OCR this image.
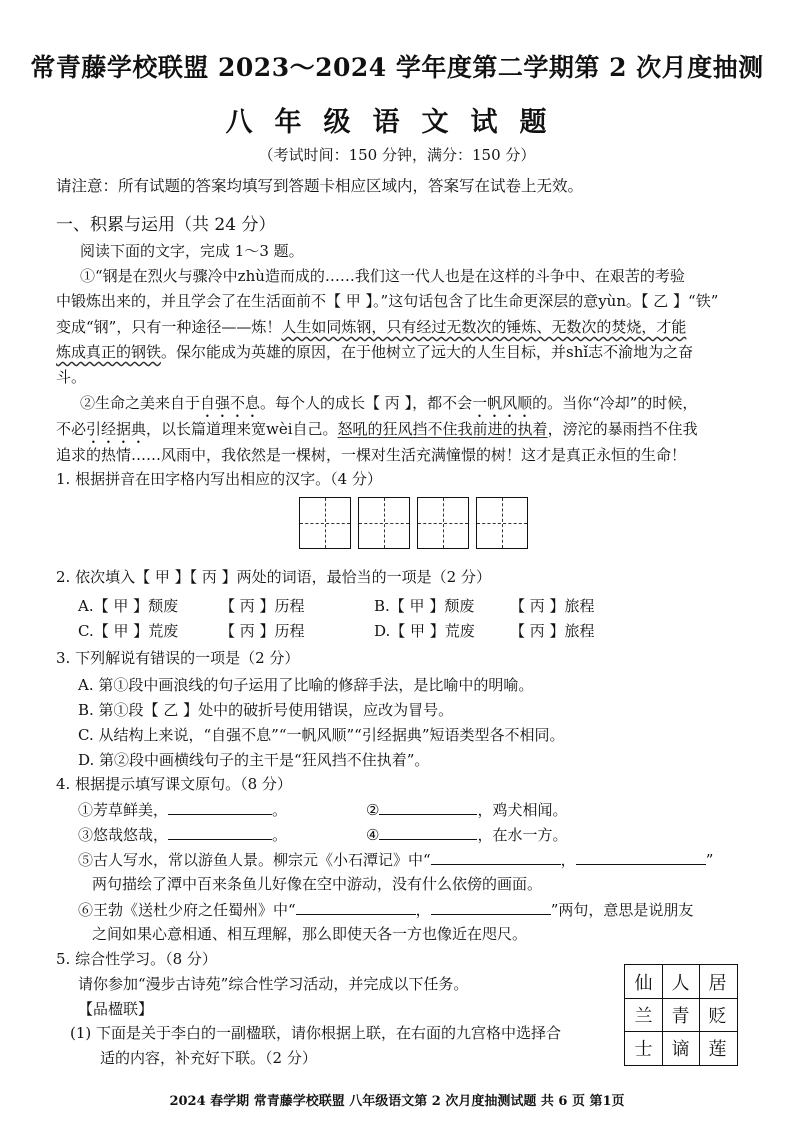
常青藤学校联盟 2023～2024 学年度第二学期第 2 次月度抽测
八年级语文试题
（考试时间：150 分钟，满分：150 分）
请注意：所有试题的答案均填写到答题卡相应区域内，答案写在试卷上无效。
一、积累与运用（共 24 分）
阅读下面的文字，完成 1～3 题。
①“钢是在烈火与骤冷中zhù造而成的……我们这一代人也是在这样的斗争中、在艰苦的考验
中锻炼出来的，并且学会了在生活面前不【 甲 】。”这句话包含了比生命更深层的意yùn。【 乙 】“铁”
变成“钢”，只有一种途径——炼！人生如同炼钢，只有经过无数次的锤炼、无数次的焚烧，才能
炼成真正的钢铁。保尔能成为英雄的原因，在于他树立了远大的人生目标，并shǐ志不渝地为之奋
斗。
②生命之美来自于自强不息。每个人的成长【 丙 】，都不会一帆风顺的。当你“冷却”的时候，
不必引经据典，以长篇道理来宽wèi自己。怒吼的狂风挡不住我前进的执着，滂沱的暴雨挡不住我
追求的热情……风雨中，我依然是一棵树，一棵对生活充满憧憬的树！这才是真正永恒的生命！
1. 根据拼音在田字格内写出相应的汉字。（4 分）
2. 依次填入【 甲 】【 丙 】两处的词语，最恰当的一项是（2 分）
A.【 甲 】颓废	【 丙 】历程	B.【 甲 】颓废 【 丙 】旅程
C.【 甲 】荒废	【 丙 】历程	D.【 甲 】荒废 【 丙 】旅程
3. 下列解说有错误的一项是（2 分）
A. 第①段中画浪线的句子运用了比喻的修辞手法，是比喻中的明喻。
B. 第①段【 乙 】处中的破折号使用错误，应改为冒号。
C. 从结构上来说，“自强不息”“一帆风顺”“引经据典”短语类型各不相同。
D. 第②段中画横线句子的主干是“狂风挡不住执着”。
4. 根据提示填写课文原句。（8 分）
①芳草鲜美，	。	②	，鸡犬相闻。
③悠哉悠哉，	。	④	，在水一方。
⑤古人写水，常以游鱼人景。柳宗元《小石潭记》中“	，	”
两句描绘了潭中百来条鱼儿好像在空中游动，没有什么依傍的画面。
⑥王勃《送杜少府之任蜀州》中“	，	”两句，意思是说朋友
之间如果心意相通、相互理解，那么即使天各一方也像近在咫尺。
5. 综合性学习。（8 分）
请你参加“漫步古诗苑”综合性学习活动，并完成以下任务。
【品楹联】
(1) 下面是关于李白的一副楹联，请你根据上联，在右面的九宫格中选择合
适的内容，补充好下联。（2 分）
仙	人	居
兰	青	贬
士	谪	莲
2024 春学期 常青藤学校联盟 八年级语文第 2 次月度抽测试题 共 6 页 第1页
